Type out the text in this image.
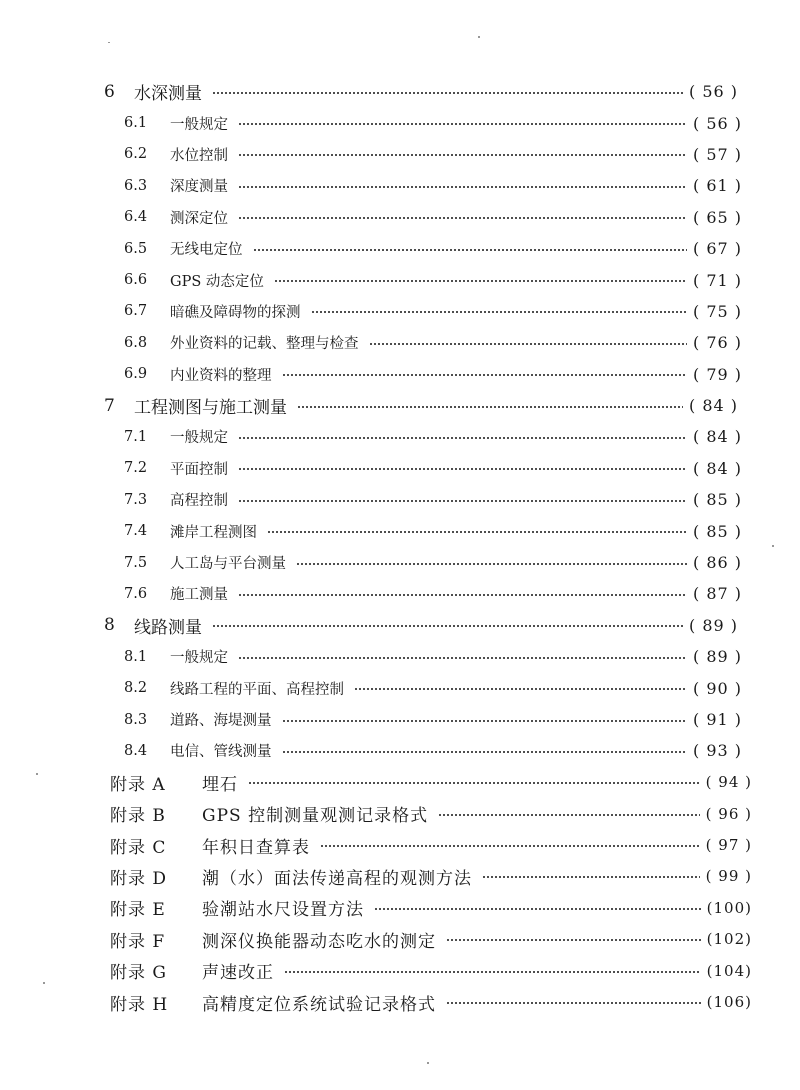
6	水深测量	( 56 )
6.1	一般规定	( 56 )
6.2	水位控制	( 57 )
6.3	深度测量	( 61 )
6.4	测深定位	( 65 )
6.5	无线电定位	( 67 )
6.6	GPS 动态定位	( 71 )
6.7	暗礁及障碍物的探测	( 75 )
6.8	外业资料的记载、整理与检查	( 76 )
6.9	内业资料的整理	( 79 )
7	工程测图与施工测量	( 84 )
7.1	一般规定	( 84 )
7.2	平面控制	( 84 )
7.3	高程控制	( 85 )
7.4	滩岸工程测图	( 85 )
7.5	人工岛与平台测量	( 86 )
7.6	施工测量	( 87 )
8	线路测量	( 89 )
8.1	一般规定	( 89 )
8.2	线路工程的平面、高程控制	( 90 )
8.3	道路、海堤测量	( 91 )
8.4	电信、管线测量	( 93 )
附录 A	埋石	( 94 )
附录 B	GPS 控制测量观测记录格式	( 96 )
附录 C	年积日查算表	( 97 )
附录 D	潮（水）面法传递高程的观测方法	( 99 )
附录 E	验潮站水尺设置方法	(100)
附录 F	测深仪换能器动态吃水的测定	(102)
附录 G	声速改正	(104)
附录 H	高精度定位系统试验记录格式	(106)
